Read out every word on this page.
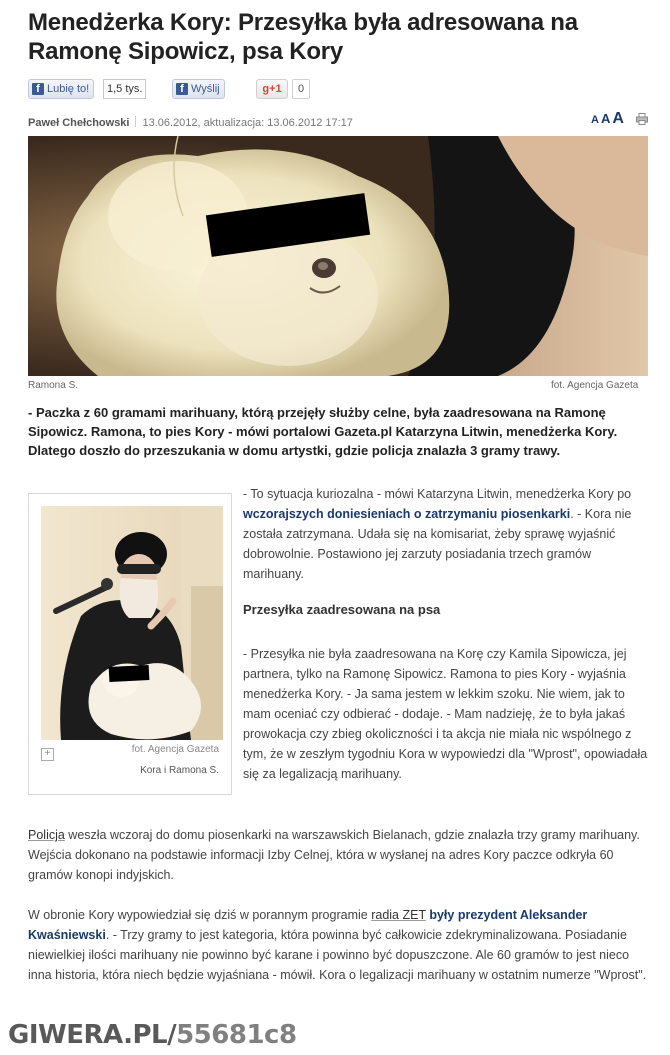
Menedżerka Kory: Przesyłka była adresowana na Ramonę Sipowicz, psa Kory
f Lubię to!	1,5 tys.	f Wyślij	g+1	0
Paweł Chełchowski 13.06.2012, aktualizacja: 13.06.2012 17:17	A A A
Ramona S.	fot. Agencja Gazeta

- Paczka z 60 gramami marihuany, którą przejęły służby celne, była zaadresowana na Ramonę Sipowicz. Ramona, to pies Kory - mówi portalowi Gazeta.pl Katarzyna Litwin, menedżerka Kory. Dlatego doszło do przeszukania w domu artystki, gdzie policja znalazła 3 gramy trawy.

+	fot. Agencja Gazeta
Kora i Ramona S.

- To sytuacja kuriozalna - mówi Katarzyna Litwin, menedżerka Kory po wczorajszych doniesieniach o zatrzymaniu piosenkarki. - Kora nie została zatrzymana. Udała się na komisariat, żeby sprawę wyjaśnić dobrowolnie. Postawiono jej zarzuty posiadania trzech gramów marihuany.

Przesyłka zaadresowana na psa

- Przesyłka nie była zaadresowana na Korę czy Kamila Sipowicza, jej partnera, tylko na Ramonę Sipowicz. Ramona to pies Kory - wyjaśnia menedżerka Kory. - Ja sama jestem w lekkim szoku. Nie wiem, jak to mam oceniać czy odbierać - dodaje. - Mam nadzieję, że to była jakaś prowokacja czy zbieg okoliczności i ta akcja nie miała nic wspólnego z tym, że w zeszłym tygodniu Kora w wypowiedzi dla "Wprost", opowiadała się za legalizacją marihuany.

Policja weszła wczoraj do domu piosenkarki na warszawskich Bielanach, gdzie znalazła trzy gramy marihuany. Wejścia dokonano na podstawie informacji Izby Celnej, która w wysłanej na adres Kory paczce odkryła 60 gramów konopi indyjskich.

W obronie Kory wypowiedział się dziś w porannym programie radia ZET były prezydent Aleksander Kwaśniewski. - Trzy gramy to jest kategoria, która powinna być całkowicie zdekryminalizowana. Posiadanie niewielkiej ilości marihuany nie powinno być karane i powinno być dopuszczone. Ale 60 gramów to jest nieco inna historia, która niech będzie wyjaśniana - mówił. Kora o legalizacji marihuany w ostatnim numerze "Wprost".

GIWERA.PL/55681c8
